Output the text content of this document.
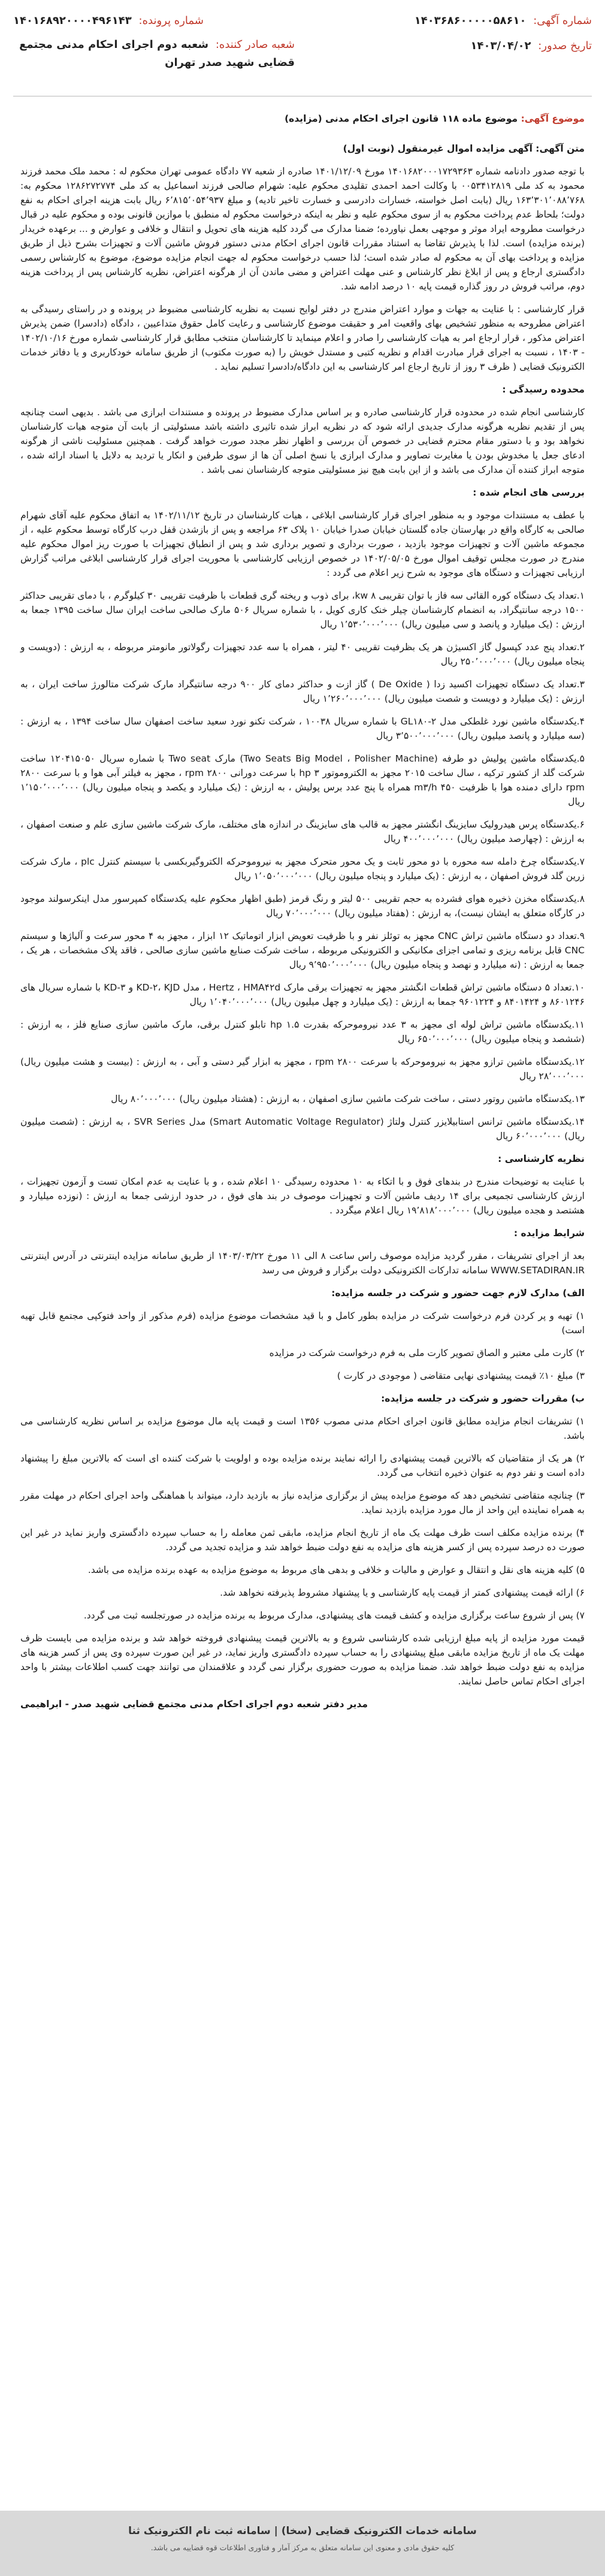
شماره آگهی: ۱۴۰۳۶۸۶۰۰۰۰۰۵۸۶۱۰
شماره پرونده: ۱۴۰۱۶۸۹۲۰۰۰۰۴۹۶۱۴۳
تاریخ صدور: ۱۴۰۳/۰۴/۰۲
شعبه صادر کننده: شعبه دوم اجرای احکام مدنی مجتمع قضایی شهید صدر تهران
موضوع آگهی: موضوع ماده ۱۱۸ قانون اجرای احکام مدنی (مزایده)

متن آگهی: آگهی مزایده اموال غیرمنقول (نوبت اول)

با توجه صدور دادنامه شماره ۱۴۰۱۶۸۲۰۰۰۱۷۲۹۳۶۳ مورخ ۱۴۰۱/۱۲/۰۹ صادره از شعبه ۷۷ دادگاه عمومی تهران محکوم له : محمد ملک محمد فرزند محمود به کد ملی ۰۰۵۳۴۱۲۸۱۹ با وکالت احمد احمدی تقلیدی محکوم علیه: شهرام صالحی فرزند اسماعیل به کد ملی ۱۲۸۶۲۷۲۷۷۴ محکوم به: ۱۶۳٬۳۰۱٬۰۸۸٬۷۶۸ ریال (بابت اصل خواسته، خسارات دادرسی و خسارت تاخیر تادیه) و مبلغ ۶٬۸۱۵٬۰۵۴٬۹۳۷ ریال بابت هزینه اجرای احکام به نفع دولت؛ بلحاظ عدم پرداخت محکوم به از سوی محکوم علیه و نظر به اینکه درخواست محکوم له منطبق با موازین قانونی بوده و محکوم علیه در قبال درخواست مطروحه ایراد موثر و موجهی بعمل نیاورده؛ ضمنا مدارک می گردد کلیه هزینه های تحویل و انتقال و خلافی و عوارض و ... برعهده خریدار (برنده مزایده) است. لذا با پذیرش تقاضا به استناد مقررات قانون اجرای احکام مدنی دستور فروش ماشین آلات و تجهیزات بشرح ذیل از طریق مزایده و پرداخت بهای آن به محکوم له صادر شده است؛ لذا حسب درخواست محکوم له جهت انجام مزایده موضوع، موضوع به کارشناس رسمی دادگستری ارجاع و پس از ابلاغ نظر کارشناس و عنی مهلت اعتراض و مضی ماندن آن از هرگونه اعتراض، نظریه کارشناس پس از پرداخت هزینه دوم، مراتب فروش در روز گذاره قیمت پایه ۱۰ درصد ادامه شد.

قرار کارشناسی : با عنایت به جهات و موارد اعتراض مندرج در دفتر لوایح نسبت به نظریه کارشناسی مضبوط در پرونده و در راستای رسیدگی به اعتراض مطروحه به منظور تشخیص بهای واقعیت امر و حقیقت موضوع کارشناسی و رعایت کامل حقوق متداعیین ، دادگاه (دادسرا) ضمن پذیرش اعتراض مذکور ، قرار ارجاع امر به هیات کارشناسی را صادر و اعلام مینماید تا کارشناسان منتخب مطابق قرار کارشناسی شماره مورخ ۱۴۰۲/۱۰/۱۶ - ۱۴۰۳ ، نسبت به اجرای قرار مبادرت اقدام و نظریه کتبی و مستدل خویش را (به صورت مکتوب) از طریق سامانه خودکاربری و یا دفاتر خدمات الکترونیک قضایی ( ظرف ۳ روز از تاریخ ارجاع امر کارشناسی به این دادگاه/دادسرا تسلیم نماید .

محدوده رسیدگی :

کارشناسی انجام شده در محدوده قرار کارشناسی صادره و بر اساس مدارک مضبوط در پرونده و مستندات ابرازی می باشد . بدیهی است چنانچه پس از تقدیم نظریه هرگونه مدارک جدیدی ارائه شود که در نظریه ابراز شده تاثیری داشته باشد مسئولیتی از بابت آن متوجه هیات کارشناسان نخواهد بود و با دستور مقام محترم قضایی در خصوص آن بررسی و اظهار نظر مجدد صورت خواهد گرفت . همچنین مسئولیت ناشی از هرگونه ادعای جعل یا مخدوش بودن یا مغایرت تصاویر و مدارک ابرازی یا نسخ اصلی آن ها از سوی طرفین و انکار یا تردید به دلایل یا اسناد ارائه شده ، متوجه ابراز کننده آن مدارک می باشد و از این بابت هیچ نیز مسئولیتی متوجه کارشناسان نمی باشد .

بررسی های انجام شده :

با عطف به مستندات موجود و به منظور اجرای قرار کارشناسی ابلاغی ، هیات کارشناسان در تاریخ ۱۴۰۲/۱۱/۱۲ به اتفاق محکوم علیه آقای شهرام صالحی به کارگاه واقع در بهارستان جاده گلستان خیابان صدرا خیابان ۱۰ پلاک ۶۳ مراجعه و پس از بازشدن قفل درب کارگاه توسط محکوم علیه ، از مجموعه ماشین آلات و تجهیزات موجود بازدید ، صورت برداری و تصویر برداری شد و پس از انطباق تجهیزات با صورت ریز اموال محکوم علیه مندرج در صورت مجلس توقیف اموال مورخ ۱۴۰۲/۰۵/۰۵ در خصوص ارزیابی کارشناسی با محوریت اجرای قرار کارشناسی ابلاغی مراتب گزارش ارزیابی تجهیزات و دستگاه های موجود به شرح زیر اعلام می گردد :

۱.تعداد یک دستگاه کوره القائی سه فاز با توان تقریبی kw ۸، برای ذوب و ریخته گری قطعات با ظرفیت تقریبی ۳۰ کیلوگرم ، با دمای تقریبی حداکثر ۱۵۰۰ درجه سانتیگراد، به انضمام کارشناسان چیلر خنک کاری کویل ، با شماره سریال ۵۰۶ مارک صالحی ساخت ایران سال ساخت ۱۳۹۵ جمعا به ارزش : (یک میلیارد و پانصد و سی میلیون ریال) ۱٬۵۳۰٬۰۰۰٬۰۰۰ ریال

۲.تعداد پنج عدد کپسول گاز اکسیژن هر یک بظرفیت تقریبی ۴۰ لیتر ، همراه با سه عدد تجهیزات رگولاتور مانومتر مربوطه ، به ارزش : (دویست و پنجاه میلیون ریال) ۲۵۰٬۰۰۰٬۰۰۰ ریال

۳.تعداد یک دستگاه تجهیزات اکسید زدا ( De Oxide ) گاز ازت و حداکثر دمای کار ۹۰۰ درجه سانتیگراد مارک شرکت متالورژ ساخت ایران ، به ارزش : (یک میلیارد و دویست و شصت میلیون ریال) ۱٬۲۶۰٬۰۰۰٬۰۰۰ ریال

۴.یکدستگاه ماشین نورد غلطکی مدل GL۱۸۰-۲ با شماره سریال ۱۰۰۳۸ ، شرکت تکنو نورد سعید ساخت اصفهان سال ساخت ۱۳۹۴ ، به ارزش : (سه میلیارد و پانصد میلیون ریال) ۳٬۵۰۰٬۰۰۰٬۰۰۰ ریال

۵.یکدستگاه ماشین پولیش دو طرفه (Two Seats Big Model ، Polisher Machine) مارک Two seat با شماره سریال ۱۲۰۴۱۵۰۵۰ ساخت شرکت گلد از کشور ترکیه ، سال ساخت ۲۰۱۵ مجهز به الکتروموتور ۳ hp با سرعت دورانی ۲۸۰۰ rpm ، مجهز به فیلتر آبی هوا و با سرعت ۲۸۰۰ rpm دارای دمنده هوا با ظرفیت ۴۵۰ m۳/h همراه با پنج عدد برس پولیش ، به ارزش : (یک میلیارد و یکصد و پنجاه میلیون ریال) ۱٬۱۵۰٬۰۰۰٬۰۰۰ ریال

۶.یکدستگاه پرس هیدرولیک سایزینگ انگشتر مجهز به قالب های سایزینگ در اندازه های مختلف، مارک شرکت ماشین سازی علم و صنعت اصفهان ، به ارزش : (چهارصد میلیون ریال) ۴۰۰٬۰۰۰٬۰۰۰ ریال

۷.یکدستگاه چرخ دامله سه محوره با دو محور ثابت و یک محور متحرک مجهز به نیروموحرکه الکتروگیربکسی با سیستم کنترل plc ، مارک شرکت زرین گلد فروش اصفهان ، به ارزش : (یک میلیارد و پنجاه میلیون ریال) ۱٬۰۵۰٬۰۰۰٬۰۰۰ ریال

۸.یکدستگاه مخزن ذخیره هوای فشرده به حجم تقریبی ۵۰۰ لیتر و رنگ قرمز (طبق اظهار محکوم علیه یکدستگاه کمپرسور مدل اینکرسولند موجود در کارگاه متعلق به ایشان نیست)، به ارزش : (هفتاد میلیون ریال) ۷۰٬۰۰۰٬۰۰۰ ریال

۹.تعداد دو دستگاه ماشین تراش CNC مجهز به توئلز نفر و با ظرفیت تعویض ابزار اتوماتیک ۱۲ ابزار ، مجهز به ۴ محور سرعت و آلیاژها و سیستم CNC قابل برنامه ریزی و تمامی اجزای مکانیکی و الکترونیکی مربوطه ، ساخت شرکت صنایع ماشین سازی صالحی ، فاقد پلاک مشخصات ، هر یک ، جمعا به ارزش : (نه میلیارد و نهصد و پنجاه میلیون ریال) ۹٬۹۵۰٬۰۰۰٬۰۰۰ ریال

۱۰.تعداد ۵ دستگاه ماشین تراش قطعات انگشتر مجهز به تجهیزات برقی مارک Hertz ، HMA۴۲d ، مدل KD-۲، KJD و KD-۳ با شماره سریال های ۸۶۰۱۲۴۶ و ۸۴۰۱۴۲۴ و ۹۶۰۱۲۲۴ جمعا به ارزش : (یک میلیارد و چهل میلیون ریال) ۱٬۰۴۰٬۰۰۰٬۰۰۰ ریال

۱۱.یکدستگاه ماشین تراش لوله ای مجهز به ۳ عدد نیروموحرکه بقدرت ۱.۵ hp تابلو کنترل برقی، مارک ماشین سازی صنایع فلز ، به ارزش : (ششصد و پنجاه میلیون ریال) ۶۵۰٬۰۰۰٬۰۰۰ ریال

۱۲.یکدستگاه ماشین ترازو مجهز به نیروموحرکه با سرعت ۲۸۰۰ rpm ، مجهز به ابزار گیر دستی و آبی ، به ارزش : (بیست و هشت میلیون ریال) ۲۸٬۰۰۰٬۰۰۰ ریال

۱۳.یکدستگاه ماشین روتور دستی ، ساخت شرکت ماشین سازی اصفهان ، به ارزش : (هشتاد میلیون ریال) ۸۰٬۰۰۰٬۰۰۰ ریال

۱۴.یکدستگاه ماشین ترانس استابیلایزر کنترل ولتاژ (Smart Automatic Voltage Regulator) مدل SVR Series ، به ارزش : (شصت میلیون ریال) ۶۰٬۰۰۰٬۰۰۰ ریال

نظریه کارشناسی :

با عنایت به توضیحات مندرج در بندهای فوق و با اتکاء به ۱۰ محدوده رسیدگی ۱۰ اعلام شده ، و با عنایت به عدم امکان تست و آزمون تجهیزات ، ارزش کارشناسی تجمیعی برای ۱۴ ردیف ماشین آلات و تجهیزات موصوف در بند های فوق ، در حدود ارزشی جمعا به ارزش : (نوزده میلیارد و هشتصد و هجده میلیون ریال) ۱۹٬۸۱۸٬۰۰۰٬۰۰۰ ریال اعلام میگردد .

شرایط مزایده :

بعد از اجرای تشریفات ، مقرر گردید مزایده موصوف راس ساعت ۸ الی ۱۱ مورخ ۱۴۰۳/۰۳/۲۲ از طریق سامانه مزایده اینترنتی در آدرس اینترنتی WWW.SETADIRAN.IR سامانه تدارکات الکترونیکی دولت برگزار و فروش می رسد

الف) مدارک لازم جهت حضور و شرکت در جلسه مزایده:

۱) تهیه و پر کردن فرم درخواست شرکت در مزایده بطور کامل و با قید مشخصات موضوع مزایده (فرم مذکور از واحد فتوکپی مجتمع قابل تهیه است)

۲) کارت ملی معتبر و الصاق تصویر کارت ملی به فرم درخواست شرکت در مزایده

۳) مبلغ ۱۰٪ قیمت پیشنهادی نهایی متقاضی ( موجودی در کارت )

ب) مقررات حضور و شرکت در جلسه مزایده:

۱) تشریفات انجام مزایده مطابق قانون اجرای احکام مدنی مصوب ۱۳۵۶ است و قیمت پایه مال موضوع مزایده بر اساس نظریه کارشناسی می باشد.

۲) هر یک از متقاضیان که بالاترین قیمت پیشنهادی را ارائه نمایند برنده مزایده بوده و اولویت با شرکت کننده ای است که بالاترین مبلغ را پیشنهاد داده است و نفر دوم به عنوان ذخیره انتخاب می گردد.

۳) چنانچه متقاضی تشخیص دهد که موضوع مزایده پیش از برگزاری مزایده نیاز به بازدید دارد، میتواند با هماهنگی واحد اجرای احکام در مهلت مقرر به همراه نماینده این واحد از مال مورد مزایده بازدید نماید.

۴) برنده مزایده مکلف است ظرف مهلت یک ماه از تاریخ انجام مزایده، مابقی ثمن معامله را به حساب سپرده دادگستری واریز نماید در غیر این صورت ده درصد سپرده پس از کسر هزینه های مزایده به نفع دولت ضبط خواهد شد و مزایده تجدید می گردد.

۵) کلیه هزینه های نقل و انتقال و عوارض و مالیات و خلافی و بدهی های مربوط به موضوع مزایده به عهده برنده مزایده می باشد.

۶) ارائه قیمت پیشنهادی کمتر از قیمت پایه کارشناسی و یا پیشنهاد مشروط پذیرفته نخواهد شد.

۷) پس از شروع ساعت برگزاری مزایده و کشف قیمت های پیشنهادی، مدارک مربوط به برنده مزایده در صورتجلسه ثبت می گردد.

قیمت مورد مزایده از پایه مبلغ ارزیابی شده کارشناسی شروع و به بالاترین قیمت پیشنهادی فروخته خواهد شد و برنده مزایده می بایست ظرف مهلت یک ماه از تاریخ مزایده مابقی مبلغ پیشنهادی را به حساب سپرده دادگستری واریز نماید، در غیر این صورت سپرده وی پس از کسر هزینه های مزایده به نفع دولت ضبط خواهد شد. ضمنا مزایده به صورت حضوری برگزار نمی گردد و علاقمندان می توانند جهت کسب اطلاعات بیشتر با واحد اجرای احکام تماس حاصل نمایند.

مدیر دفتر شعبه دوم اجرای احکام مدنی مجتمع قضایی شهید صدر - ابراهیمی

سامانه خدمات الکترونیک قضایی (سخا) | سامانه ثبت نام الکترونیک ثنا
کلیه حقوق مادی و معنوی این سامانه متعلق به مرکز آمار و فناوری اطلاعات قوه قضاییه می باشد.
